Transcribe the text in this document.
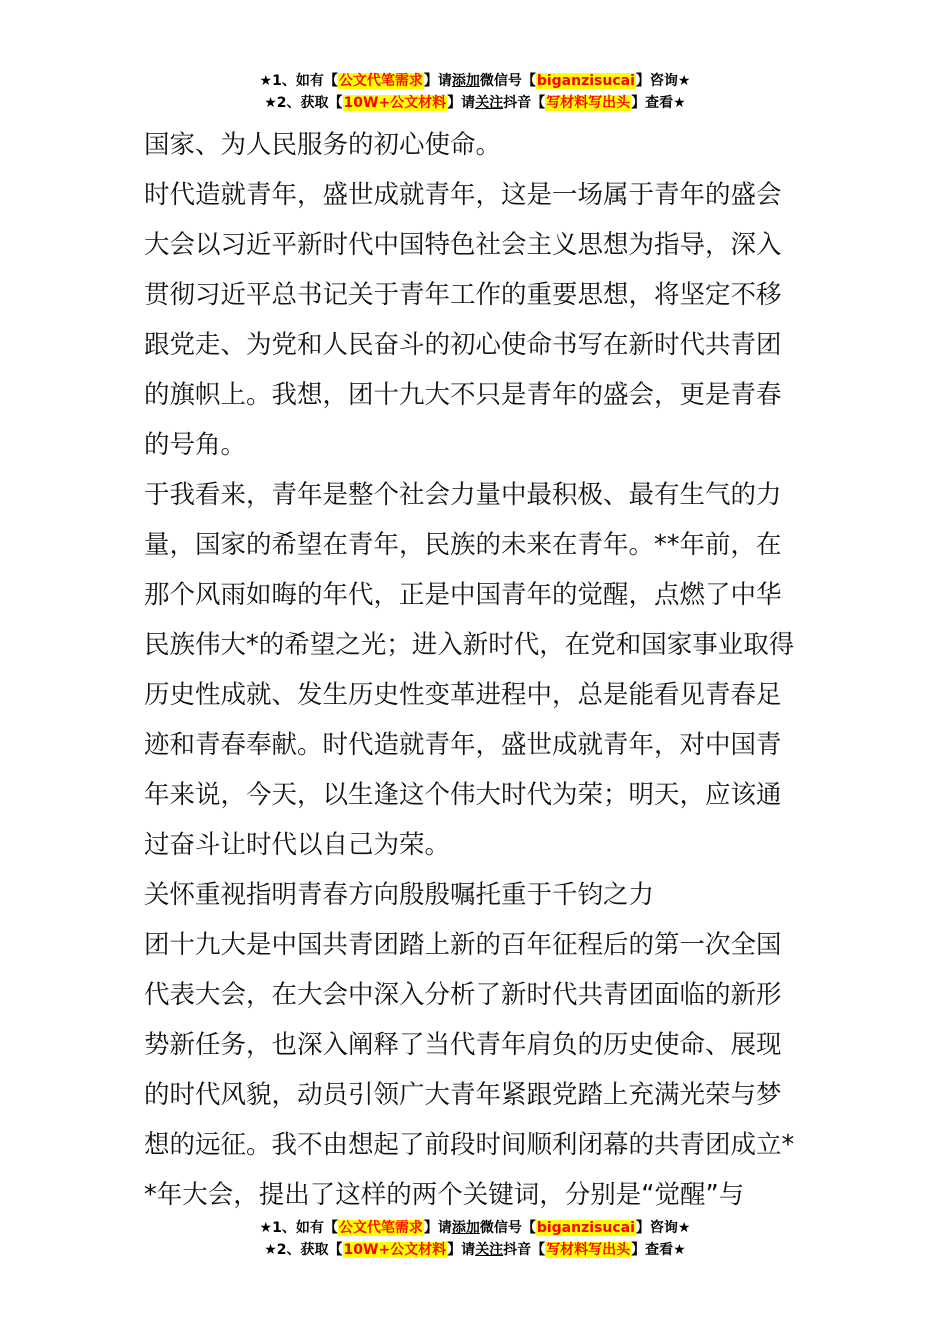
★1、如有【公文代笔需求】请添加微信号【biganzisucai】咨询★
★2、获取【10W+公文材料】请关注抖音【写材料写出头】查看★
国家、为人民服务的初心使命。
时代造就青年，盛世成就青年，这是一场属于青年的盛会
大会以习近平新时代中国特色社会主义思想为指导，深入
贯彻习近平总书记关于青年工作的重要思想，将坚定不移
跟党走、为党和人民奋斗的初心使命书写在新时代共青团
的旗帜上。我想，团十九大不只是青年的盛会，更是青春
的号角。
于我看来，青年是整个社会力量中最积极、最有生气的力
量，国家的希望在青年，民族的未来在青年。**年前，在
那个风雨如晦的年代，正是中国青年的觉醒，点燃了中华
民族伟大*的希望之光；进入新时代，在党和国家事业取得
历史性成就、发生历史性变革进程中，总是能看见青春足
迹和青春奉献。时代造就青年，盛世成就青年，对中国青
年来说，今天，以生逢这个伟大时代为荣；明天，应该通
过奋斗让时代以自己为荣。
关怀重视指明青春方向殷殷嘱托重于千钧之力
团十九大是中国共青团踏上新的百年征程后的第一次全国
代表大会，在大会中深入分析了新时代共青团面临的新形
势新任务，也深入阐释了当代青年肩负的历史使命、展现
的时代风貌，动员引领广大青年紧跟党踏上充满光荣与梦
想的远征。我不由想起了前段时间顺利闭幕的共青团成立*
*年大会，提出了这样的两个关键词，分别是“觉醒”与
★1、如有【公文代笔需求】请添加微信号【biganzisucai】咨询★
★2、获取【10W+公文材料】请关注抖音【写材料写出头】查看★
